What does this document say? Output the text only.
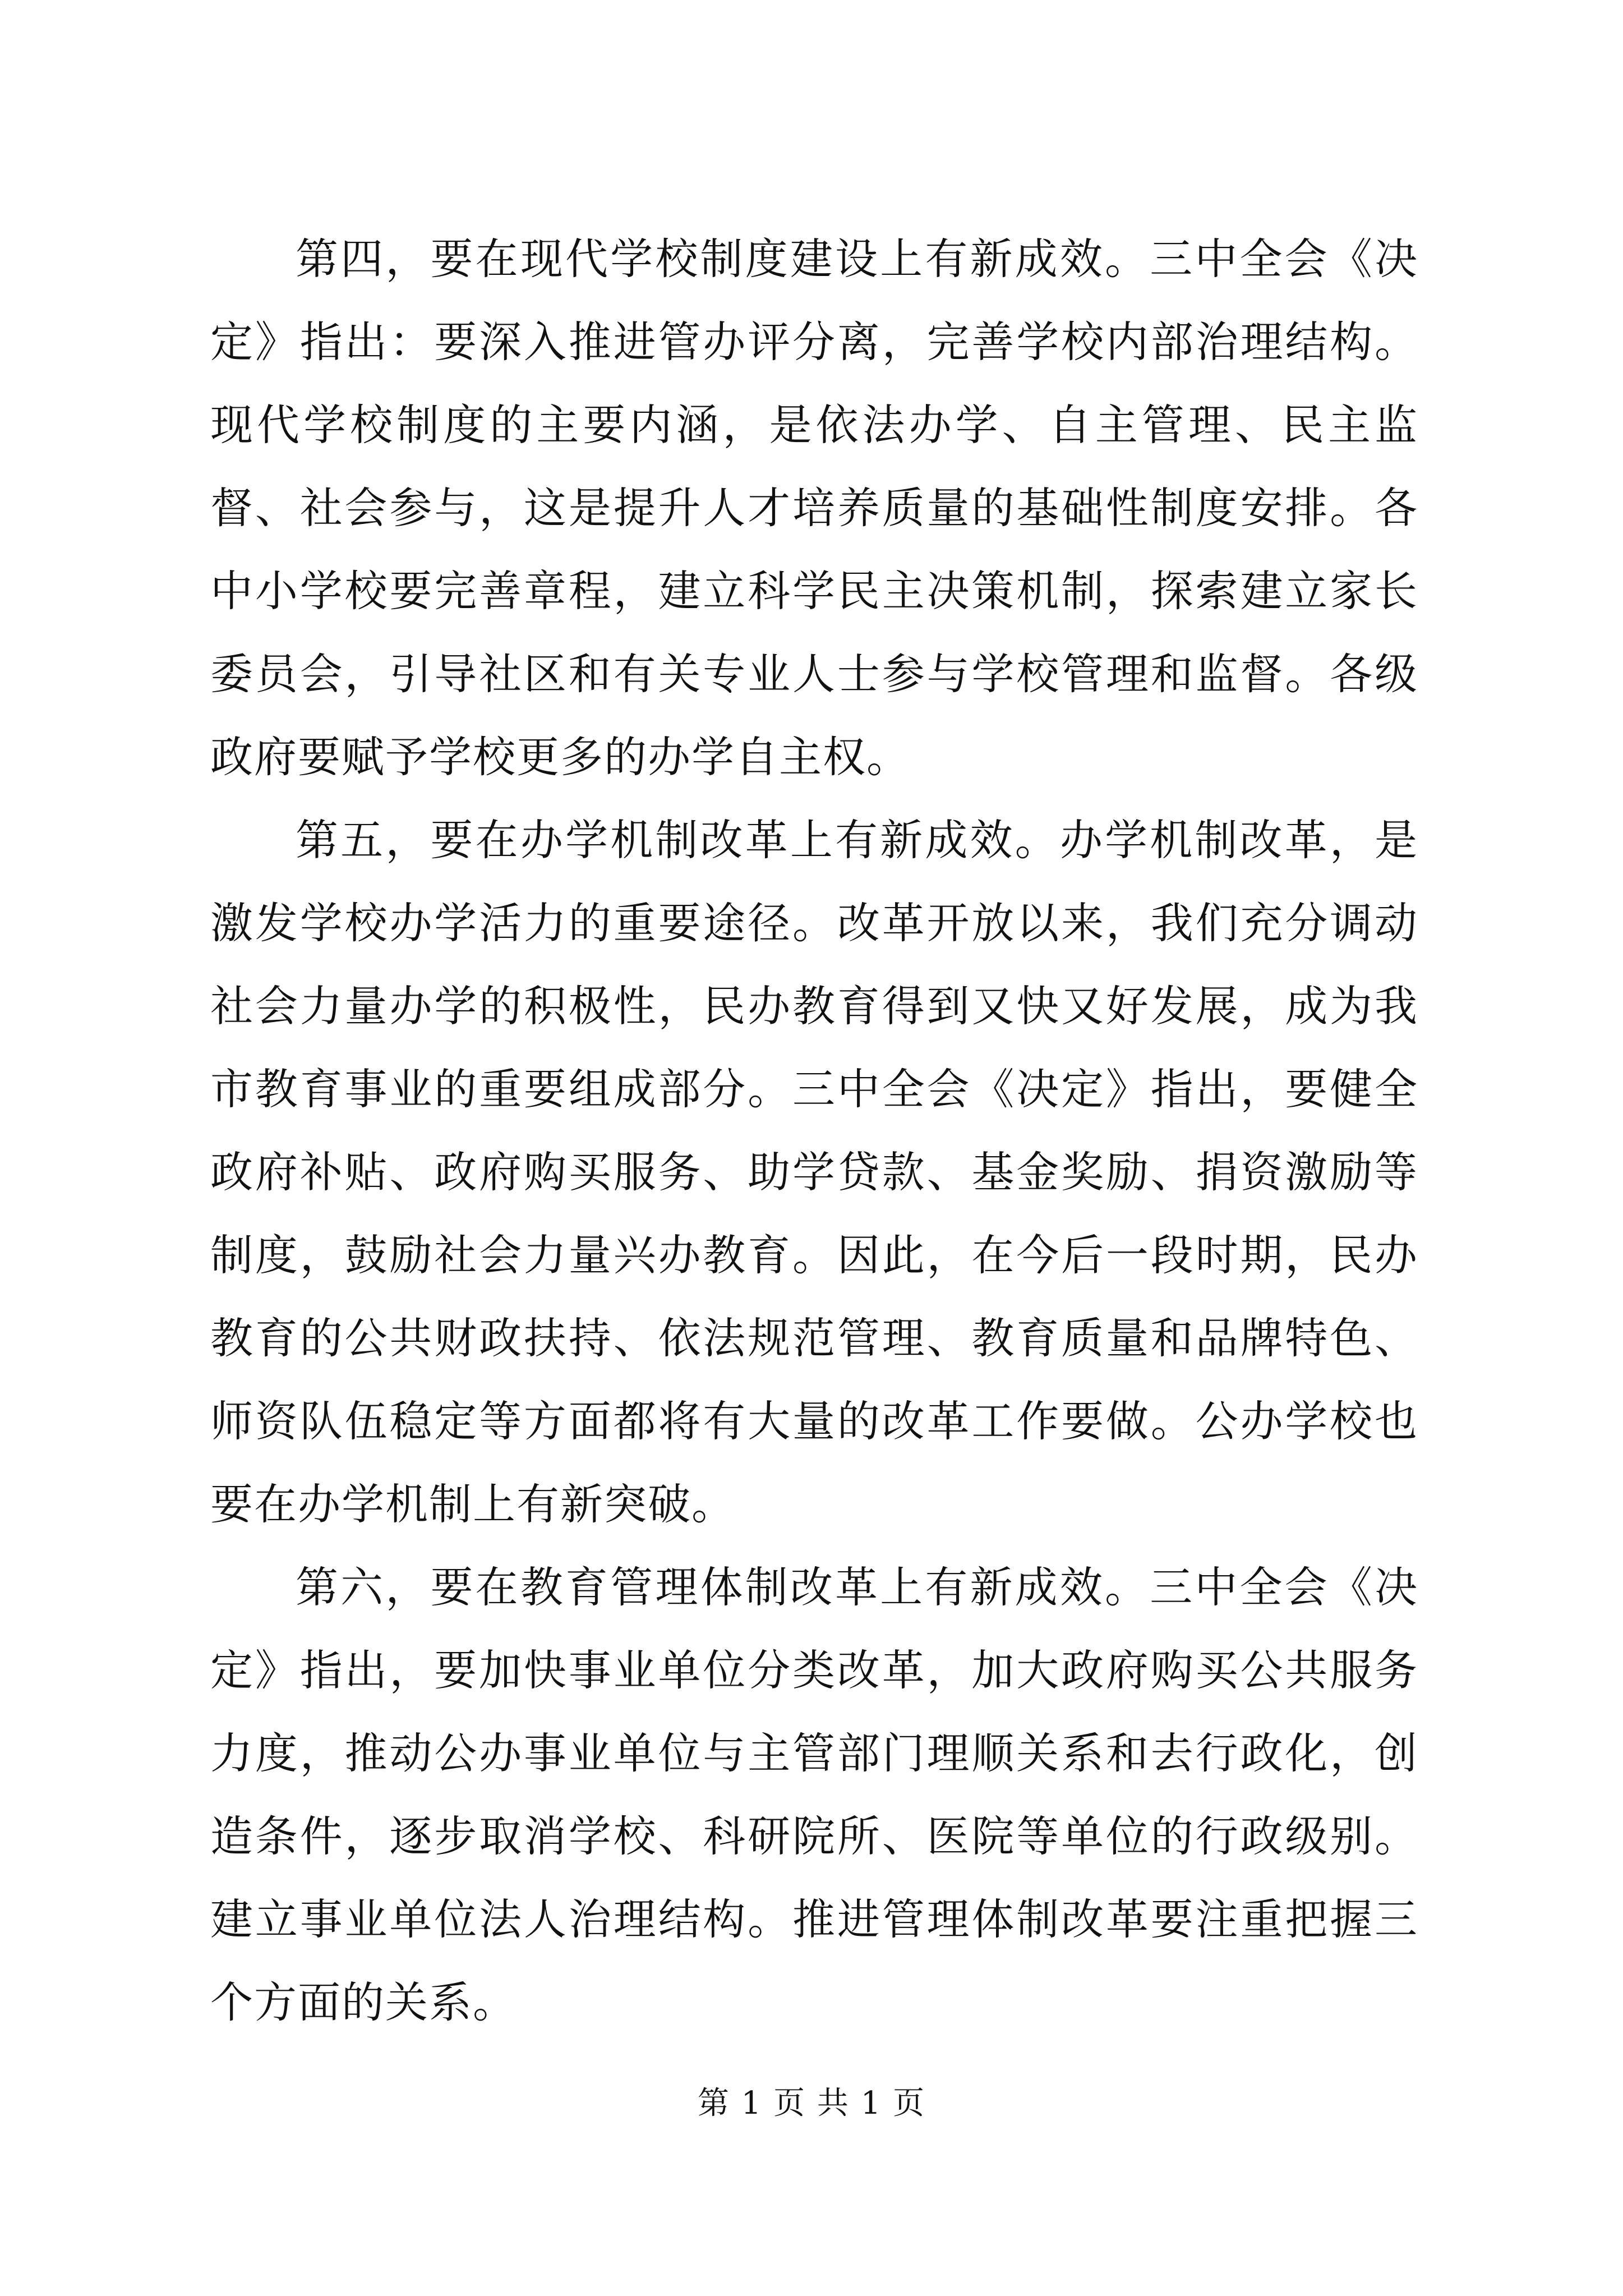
第四，要在现代学校制度建设上有新成效。三中全会《决定》指出：要深入推进管办评分离，完善学校内部治理结构。现代学校制度的主要内涵，是依法办学、自主管理、民主监督、社会参与，这是提升人才培养质量的基础性制度安排。各中小学校要完善章程，建立科学民主决策机制，探索建立家长委员会，引导社区和有关专业人士参与学校管理和监督。各级政府要赋予学校更多的办学自主权。

第五，要在办学机制改革上有新成效。办学机制改革，是激发学校办学活力的重要途径。改革开放以来，我们充分调动社会力量办学的积极性，民办教育得到又快又好发展，成为我市教育事业的重要组成部分。三中全会《决定》指出，要健全政府补贴、政府购买服务、助学贷款、基金奖励、捐资激励等制度，鼓励社会力量兴办教育。因此，在今后一段时期，民办教育的公共财政扶持、依法规范管理、教育质量和品牌特色、师资队伍稳定等方面都将有大量的改革工作要做。公办学校也要在办学机制上有新突破。

第六，要在教育管理体制改革上有新成效。三中全会《决定》指出，要加快事业单位分类改革，加大政府购买公共服务力度，推动公办事业单位与主管部门理顺关系和去行政化，创造条件，逐步取消学校、科研院所、医院等单位的行政级别。建立事业单位法人治理结构。推进管理体制改革要注重把握三个方面的关系。

第 1 页 共 1 页
